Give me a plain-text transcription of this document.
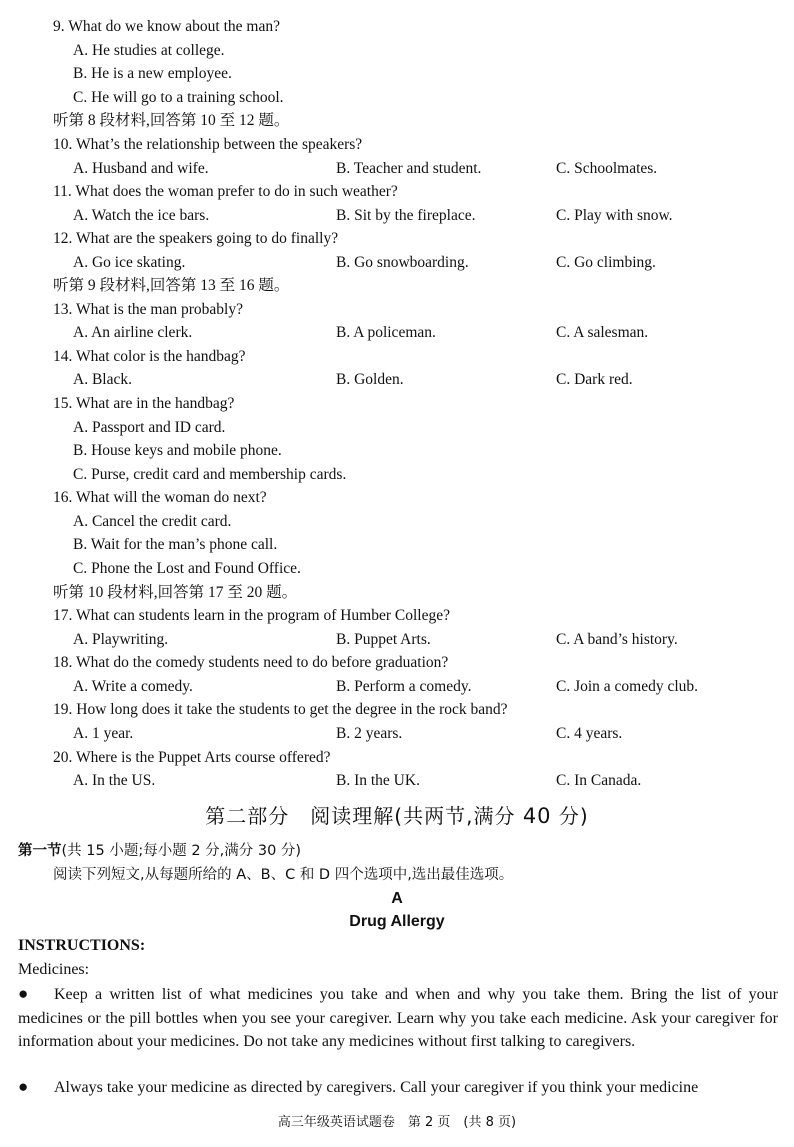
9. What do we know about the man?
A. He studies at college.
B. He is a new employee.
C. He will go to a training school.
听第 8 段材料,回答第 10 至 12 题。
10. What’s the relationship between the speakers?
A. Husband and wife.	B. Teacher and student.	C. Schoolmates.
11. What does the woman prefer to do in such weather?
A. Watch the ice bars.	B. Sit by the fireplace.	C. Play with snow.
12. What are the speakers going to do finally?
A. Go ice skating.	B. Go snowboarding.	C. Go climbing.
听第 9 段材料,回答第 13 至 16 题。
13. What is the man probably?
A. An airline clerk.	B. A policeman.	C. A salesman.
14. What color is the handbag?
A. Black.	B. Golden.	C. Dark red.
15. What are in the handbag?
A. Passport and ID card.
B. House keys and mobile phone.
C. Purse, credit card and membership cards.
16. What will the woman do next?
A. Cancel the credit card.
B. Wait for the man’s phone call.
C. Phone the Lost and Found Office.
听第 10 段材料,回答第 17 至 20 题。
17. What can students learn in the program of Humber College?
A. Playwriting.	B. Puppet Arts.	C. A band’s history.
18. What do the comedy students need to do before graduation?
A. Write a comedy.	B. Perform a comedy.	C. Join a comedy club.
19. How long does it take the students to get the degree in the rock band?
A. 1 year.	B. 2 years.	C. 4 years.
20. Where is the Puppet Arts course offered?
A. In the US.	B. In the UK.	C. In Canada.
第二部分　阅读理解(共两节,满分 40 分)
第一节(共 15 小题;每小题 2 分,满分 30 分)
阅读下列短文,从每题所给的 A、B、C 和 D 四个选项中,选出最佳选项。
A
Drug Allergy
INSTRUCTIONS:
Medicines:
● Keep a written list of what medicines you take and when and why you take them. Bring the list of your medicines or the pill bottles when you see your caregiver. Learn why you take each medicine. Ask your caregiver for information about your medicines. Do not take any medicines without first talking to caregivers.
● Always take your medicine as directed by caregivers. Call your caregiver if you think your medicine
高三年级英语试题卷　第 2 页　(共 8 页)
